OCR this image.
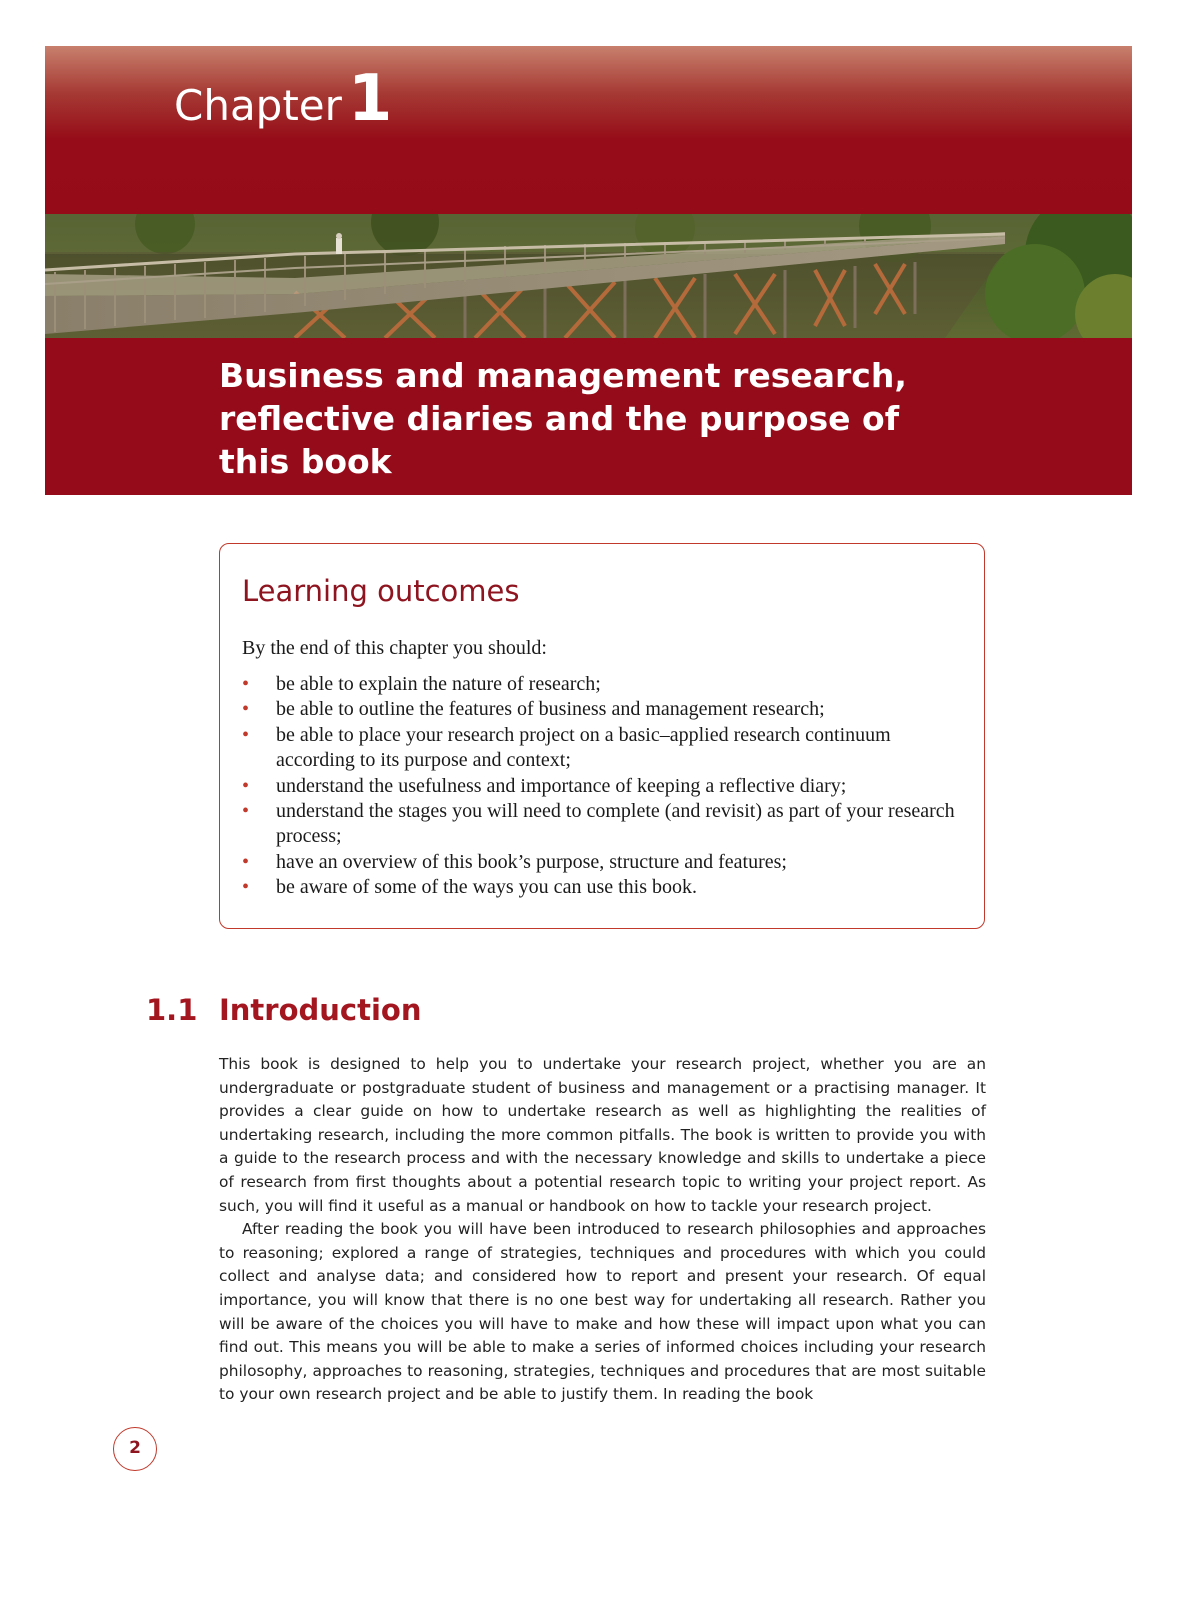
Chapter1
Business and management research, reflective diaries and the purpose of this book
Learning outcomes

By the end of this chapter you should:

• be able to explain the nature of research;
• be able to outline the features of business and management research;
• be able to place your research project on a basic–applied research continuum according to its purpose and context;
• understand the usefulness and importance of keeping a reflective diary;
• understand the stages you will need to complete (and revisit) as part of your research process;
• have an overview of this book’s purpose, structure and features;
• be aware of some of the ways you can use this book.
1.1 Introduction

This book is designed to help you to undertake your research project, whether you are an undergraduate or postgraduate student of business and management or a practising manager. It provides a clear guide on how to undertake research as well as highlighting the realities of undertaking research, including the more common pitfalls. The book is written to provide you with a guide to the research process and with the necessary knowledge and skills to undertake a piece of research from first thoughts about a potential research topic to writing your project report. As such, you will find it useful as a manual or handbook on how to tackle your research project.

After reading the book you will have been introduced to research philosophies and approaches to reasoning; explored a range of strategies, techniques and procedures with which you could collect and analyse data; and considered how to report and present your research. Of equal importance, you will know that there is no one best way for undertaking all research. Rather you will be aware of the choices you will have to make and how these will impact upon what you can find out. This means you will be able to make a series of informed choices including your research philosophy, approaches to reasoning, strategies, techniques and procedures that are most suitable to your own research project and be able to justify them. In reading the book

2
